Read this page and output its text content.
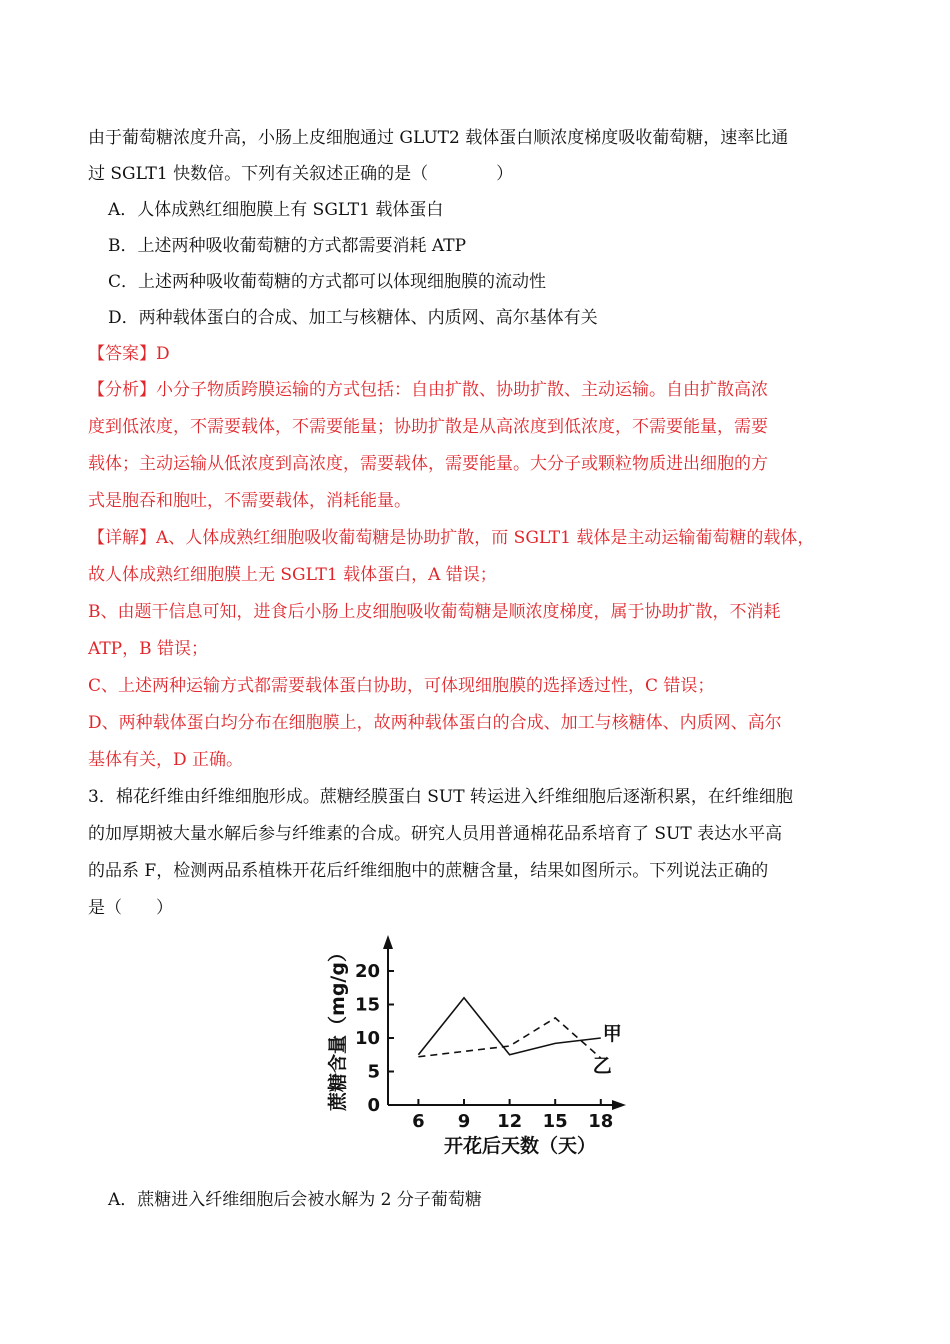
由于葡萄糖浓度升高，小肠上皮细胞通过 GLUT2 载体蛋白顺浓度梯度吸收葡萄糖，速率比通
过 SGLT1 快数倍。下列有关叙述正确的是（　　　　）
A．人体成熟红细胞膜上有 SGLT1 载体蛋白
B．上述两种吸收葡萄糖的方式都需要消耗 ATP
C．上述两种吸收葡萄糖的方式都可以体现细胞膜的流动性
D．两种载体蛋白的合成、加工与核糖体、内质网、高尔基体有关
【答案】D
【分析】小分子物质跨膜运输的方式包括：自由扩散、协助扩散、主动运输。自由扩散高浓
度到低浓度，不需要载体，不需要能量；协助扩散是从高浓度到低浓度，不需要能量，需要
载体；主动运输从低浓度到高浓度，需要载体，需要能量。大分子或颗粒物质进出细胞的方
式是胞吞和胞吐，不需要载体，消耗能量。
【详解】A、人体成熟红细胞吸收葡萄糖是协助扩散，而 SGLT1 载体是主动运输葡萄糖的载体，
故人体成熟红细胞膜上无 SGLT1 载体蛋白，A 错误；
B、由题干信息可知，进食后小肠上皮细胞吸收葡萄糖是顺浓度梯度，属于协助扩散，不消耗
ATP，B 错误；
C、上述两种运输方式都需要载体蛋白协助，可体现细胞膜的选择透过性，C 错误；
D、两种载体蛋白均分布在细胞膜上，故两种载体蛋白的合成、加工与核糖体、内质网、高尔
基体有关，D 正确。
3．棉花纤维由纤维细胞形成。蔗糖经膜蛋白 SUT 转运进入纤维细胞后逐渐积累，在纤维细胞
的加厚期被大量水解后参与纤维素的合成。研究人员用普通棉花品系培育了 SUT 表达水平高
的品系 F，检测两品系植株开花后纤维细胞中的蔗糖含量，结果如图所示。下列说法正确的
是（　　）
6 9 12 15 18
0
5
10
15
20
甲
乙
蔗糖含量（mg/g）
开花后天数（天）
A．蔗糖进入纤维细胞后会被水解为 2 分子葡萄糖
